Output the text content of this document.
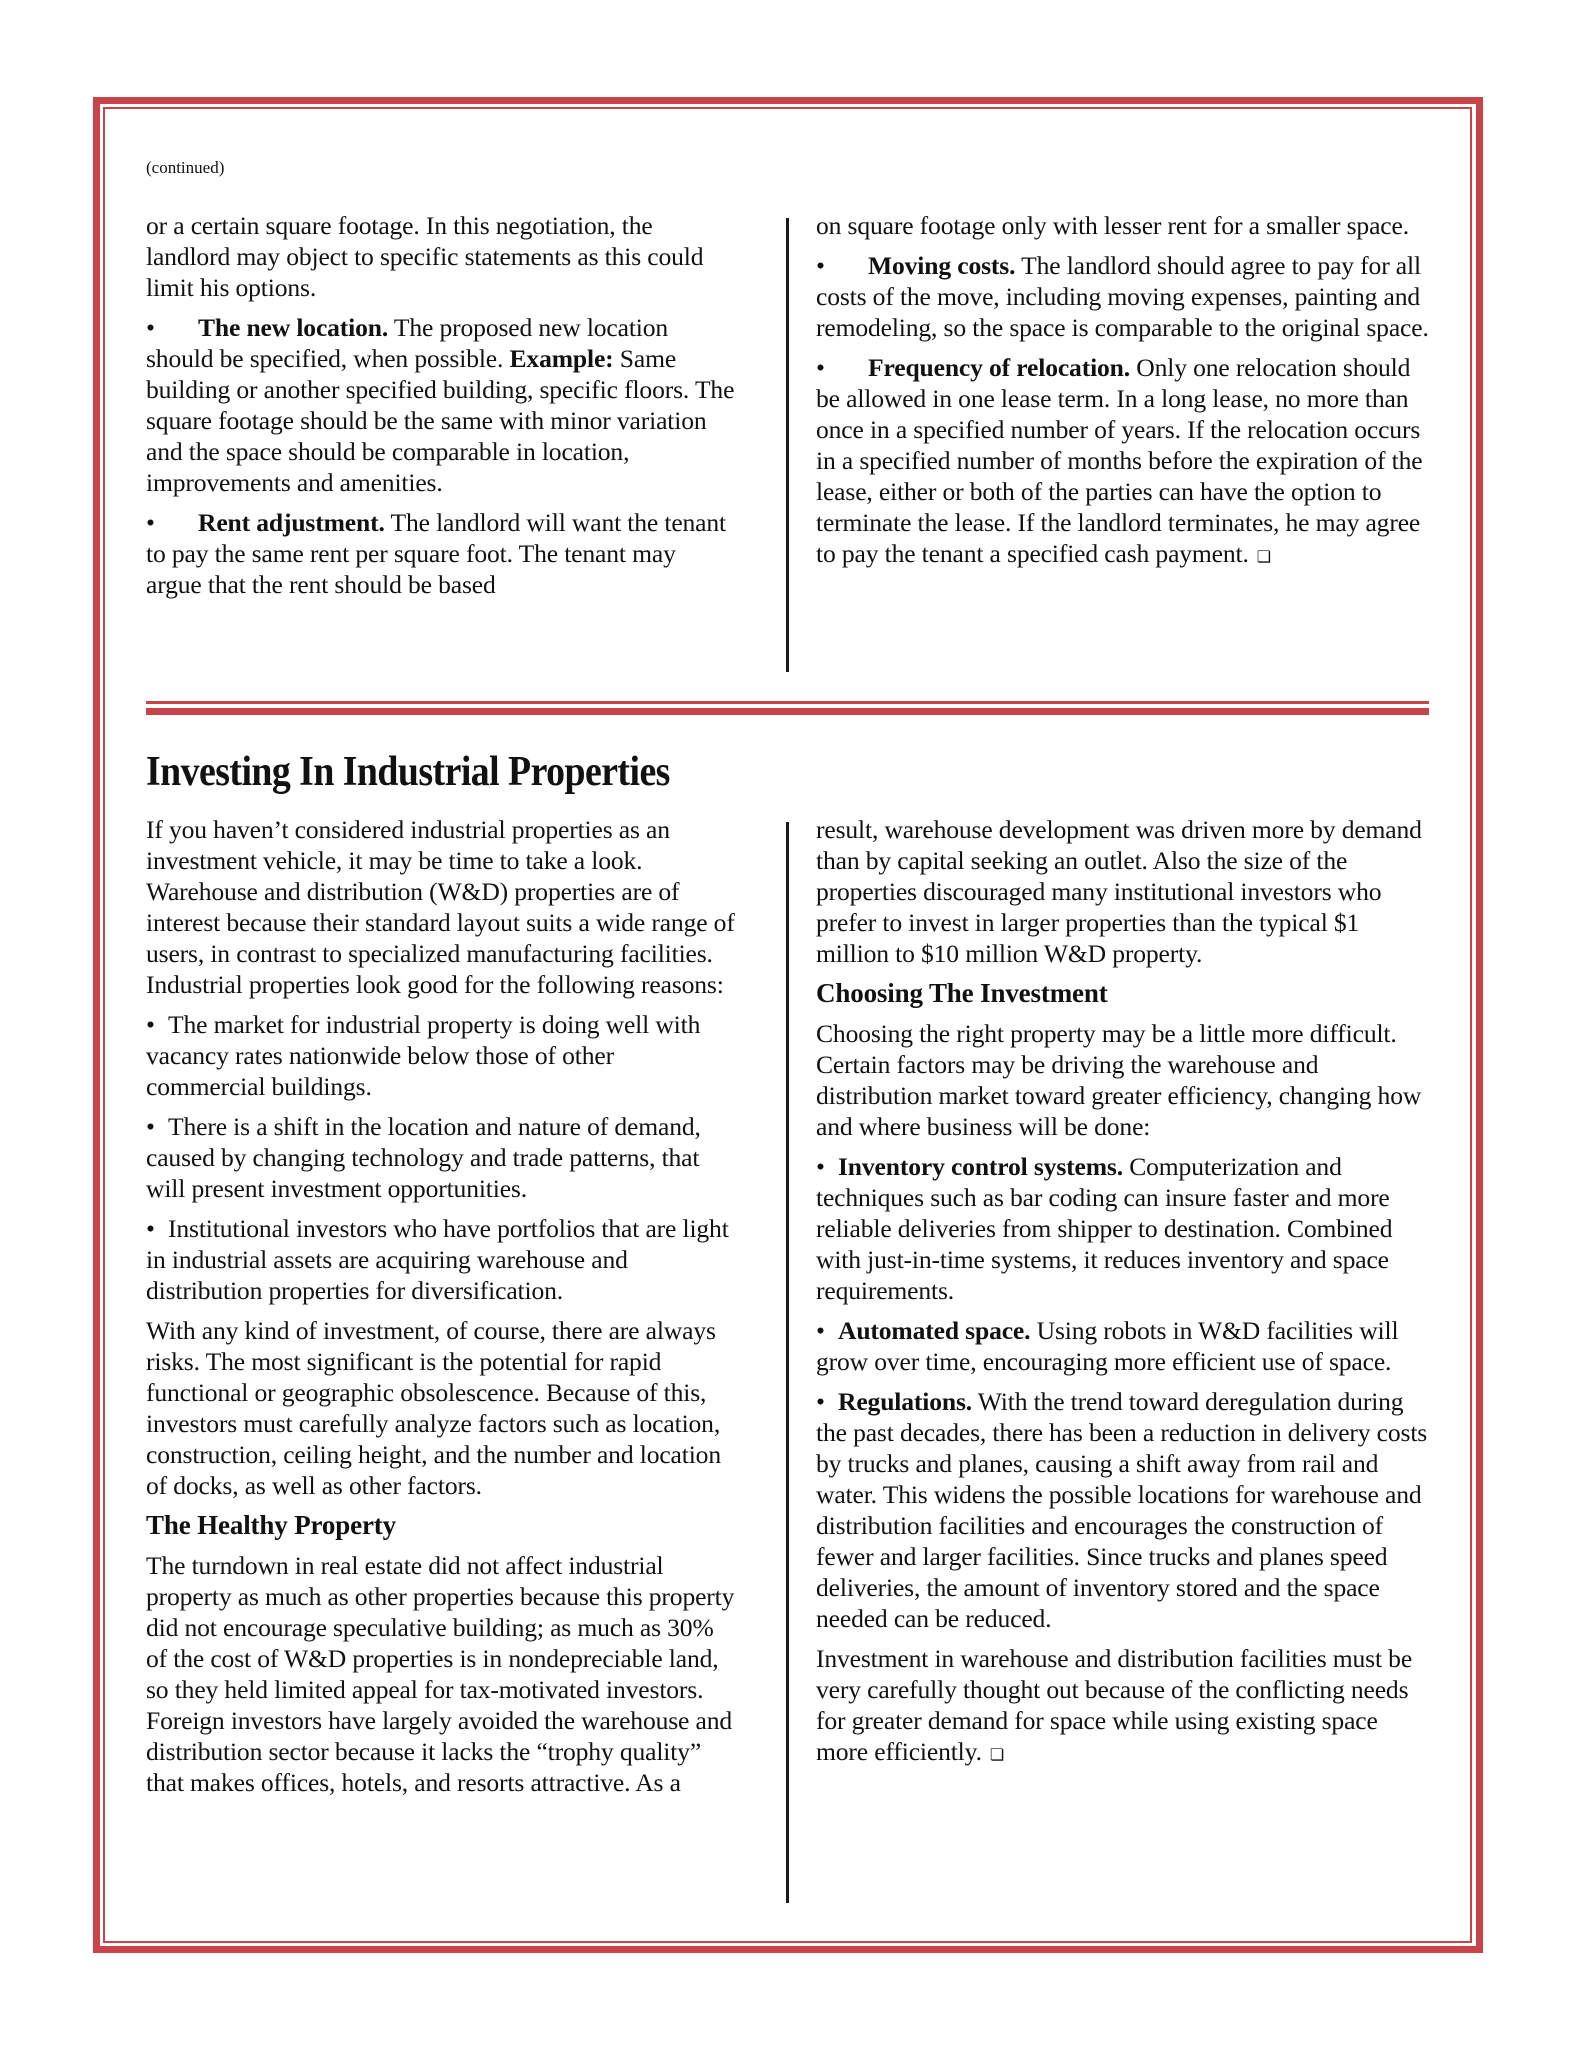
(continued)

or a certain square footage. In this negotiation, the landlord may object to specific statements as this could limit his options.

• The new location. The proposed new location should be specified, when possible. Example: Same building or another specified building, specific floors. The square footage should be the same with minor variation and the space should be comparable in location, improvements and amenities.

• Rent adjustment. The landlord will want the tenant to pay the same rent per square foot. The tenant may argue that the rent should be based

on square footage only with lesser rent for a smaller space.

• Moving costs. The landlord should agree to pay for all costs of the move, including moving expenses, painting and remodeling, so the space is comparable to the original space.

• Frequency of relocation. Only one relocation should be allowed in one lease term. In a long lease, no more than once in a specified number of years. If the relocation occurs in a specified number of months before the expiration of the lease, either or both of the parties can have the option to terminate the lease. If the landlord terminates, he may agree to pay the tenant a specified cash payment. ❏

Investing In Industrial Properties

If you haven’t considered industrial properties as an investment vehicle, it may be time to take a look. Warehouse and distribution (W&D) properties are of interest because their standard layout suits a wide range of users, in contrast to specialized manufacturing facilities. Industrial properties look good for the following reasons:

• The market for industrial property is doing well with vacancy rates nationwide below those of other commercial buildings.

• There is a shift in the location and nature of demand, caused by changing technology and trade patterns, that will present investment opportunities.

• Institutional investors who have portfolios that are light in industrial assets are acquiring warehouse and distribution properties for diversification.

With any kind of investment, of course, there are always risks. The most significant is the potential for rapid functional or geographic obsolescence. Because of this, investors must carefully analyze factors such as location, construction, ceiling height, and the number and location of docks, as well as other factors.

The Healthy Property

The turndown in real estate did not affect industrial property as much as other properties because this property did not encourage speculative building; as much as 30% of the cost of W&D properties is in nondepreciable land, so they held limited appeal for tax-motivated investors. Foreign investors have largely avoided the warehouse and distribution sector because it lacks the “trophy quality” that makes offices, hotels, and resorts attractive. As a

result, warehouse development was driven more by demand than by capital seeking an outlet. Also the size of the properties discouraged many institutional investors who prefer to invest in larger properties than the typical $1 million to $10 million W&D property.

Choosing The Investment

Choosing the right property may be a little more difficult. Certain factors may be driving the warehouse and distribution market toward greater efficiency, changing how and where business will be done:

• Inventory control systems. Computerization and techniques such as bar coding can insure faster and more reliable deliveries from shipper to destination. Combined with just-in-time systems, it reduces inventory and space requirements.

• Automated space. Using robots in W&D facilities will grow over time, encouraging more efficient use of space.

• Regulations. With the trend toward deregulation during the past decades, there has been a reduction in delivery costs by trucks and planes, causing a shift away from rail and water. This widens the possible locations for warehouse and distribution facilities and encourages the construction of fewer and larger facilities. Since trucks and planes speed deliveries, the amount of inventory stored and the space needed can be reduced.

Investment in warehouse and distribution facilities must be very carefully thought out because of the conflicting needs for greater demand for space while using existing space more efficiently. ❏
